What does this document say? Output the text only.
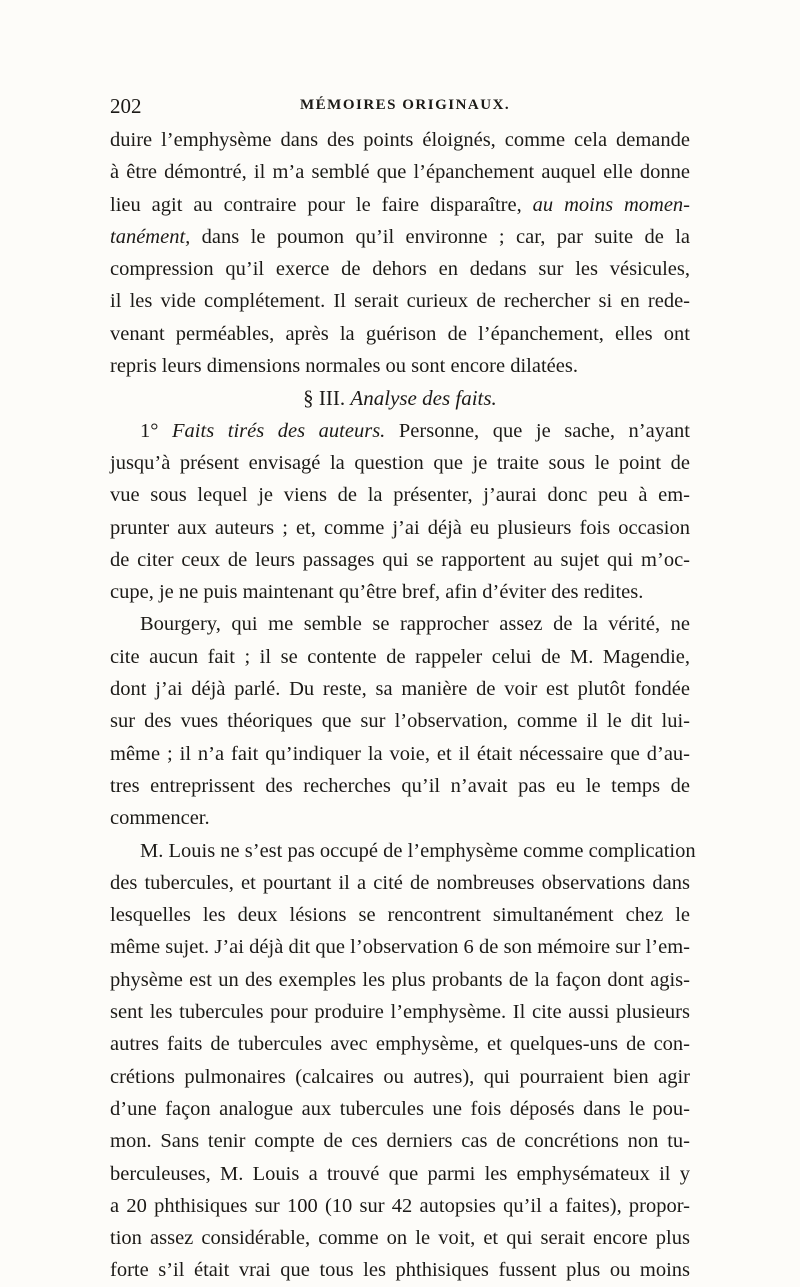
202	MÉMOIRES ORIGINAUX.
duire l’emphysème dans des points éloignés, comme cela demande
à être démontré, il m’a semblé que l’épanchement auquel elle donne
lieu agit au contraire pour le faire disparaître, au moins momen-
tanément, dans le poumon qu’il environne ; car, par suite de la
compression qu’il exerce de dehors en dedans sur les vésicules,
il les vide complétement. Il serait curieux de rechercher si en rede-
venant perméables, après la guérison de l’épanchement, elles ont
repris leurs dimensions normales ou sont encore dilatées.
§ III. Analyse des faits.
1° Faits tirés des auteurs. Personne, que je sache, n’ayant
jusqu’à présent envisagé la question que je traite sous le point de
vue sous lequel je viens de la présenter, j’aurai donc peu à em-
prunter aux auteurs ; et, comme j’ai déjà eu plusieurs fois occasion
de citer ceux de leurs passages qui se rapportent au sujet qui m’oc-
cupe, je ne puis maintenant qu’être bref, afin d’éviter des redites.
Bourgery, qui me semble se rapprocher assez de la vérité, ne
cite aucun fait ; il se contente de rappeler celui de M. Magendie,
dont j’ai déjà parlé. Du reste, sa manière de voir est plutôt fondée
sur des vues théoriques que sur l’observation, comme il le dit lui-
même ; il n’a fait qu’indiquer la voie, et il était nécessaire que d’au-
tres entreprissent des recherches qu’il n’avait pas eu le temps de
commencer.
M. Louis ne s’est pas occupé de l’emphysème comme complication
des tubercules, et pourtant il a cité de nombreuses observations dans
lesquelles les deux lésions se rencontrent simultanément chez le
même sujet. J’ai déjà dit que l’observation 6 de son mémoire sur l’em-
physème est un des exemples les plus probants de la façon dont agis-
sent les tubercules pour produire l’emphysème. Il cite aussi plusieurs
autres faits de tubercules avec emphysème, et quelques-uns de con-
crétions pulmonaires (calcaires ou autres), qui pourraient bien agir
d’une façon analogue aux tubercules une fois déposés dans le pou-
mon. Sans tenir compte de ces derniers cas de concrétions non tu-
berculeuses, M. Louis a trouvé que parmi les emphysémateux il y
a 20 phthisiques sur 100 (10 sur 42 autopsies qu’il a faites), propor-
tion assez considérable, comme on le voit, et qui serait encore plus
forte s’il était vrai que tous les phthisiques fussent plus ou moins
